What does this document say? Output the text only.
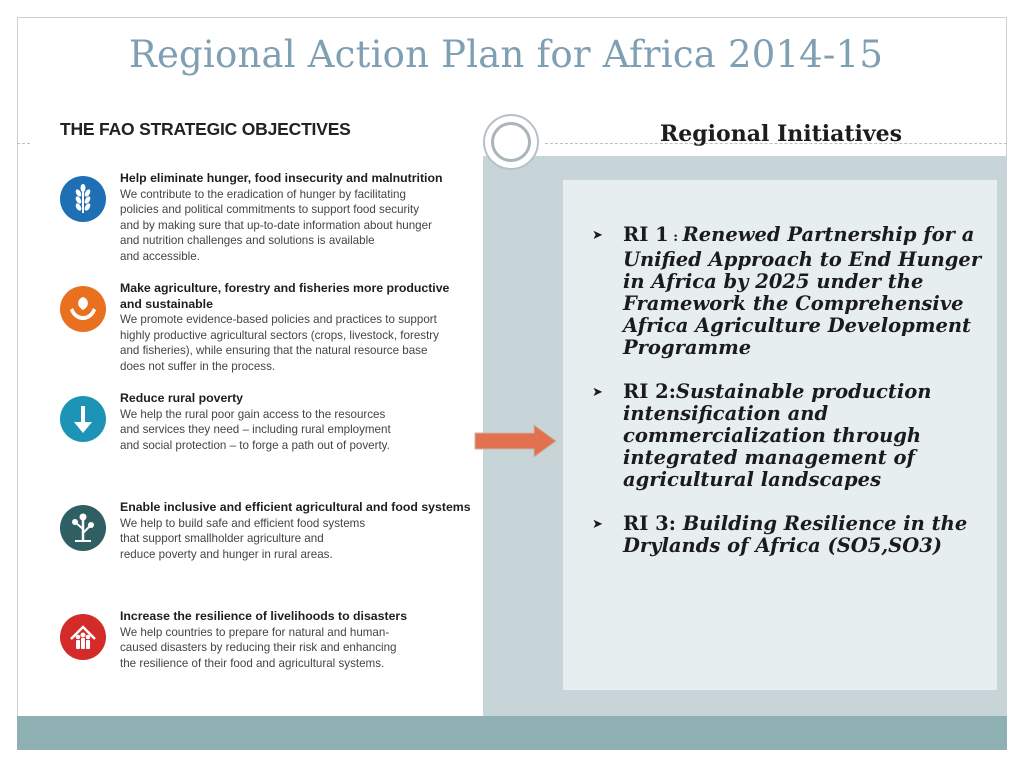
Regional Action Plan for Africa 2014-15
THE FAO STRATEGIC OBJECTIVES
Help eliminate hunger, food insecurity and malnutrition
We contribute to the eradication of hunger by facilitating
policies and political commitments to support food security
and by making sure that up-to-date information about hunger
and nutrition challenges and solutions is available
and accessible.
Make agriculture, forestry and fisheries more productive
and sustainable
We promote evidence-based policies and practices to support
highly productive agricultural sectors (crops, livestock, forestry
and fisheries), while ensuring that the natural resource base
does not suffer in the process.
Reduce rural poverty
We help the rural poor gain access to the resources
and services they need – including rural employment
and social protection – to forge a path out of poverty.
Enable inclusive and efficient agricultural and food systems
We help to build safe and efficient food systems
that support smallholder agriculture and
reduce poverty and hunger in rural areas.
Increase the resilience of livelihoods to disasters
We help countries to prepare for natural and human-
caused disasters by reducing their risk and enhancing
the resilience of their food and agricultural systems.
Regional Initiatives
➤ RI 1 : Renewed Partnership for a Unified Approach to End Hunger in Africa by 2025 under the Framework the Comprehensive Africa Agriculture Development Programme
➤ RI 2:Sustainable production intensification and commercialization through integrated management of agricultural landscapes
➤ RI 3: Building Resilience in the Drylands of Africa (SO5,SO3)
